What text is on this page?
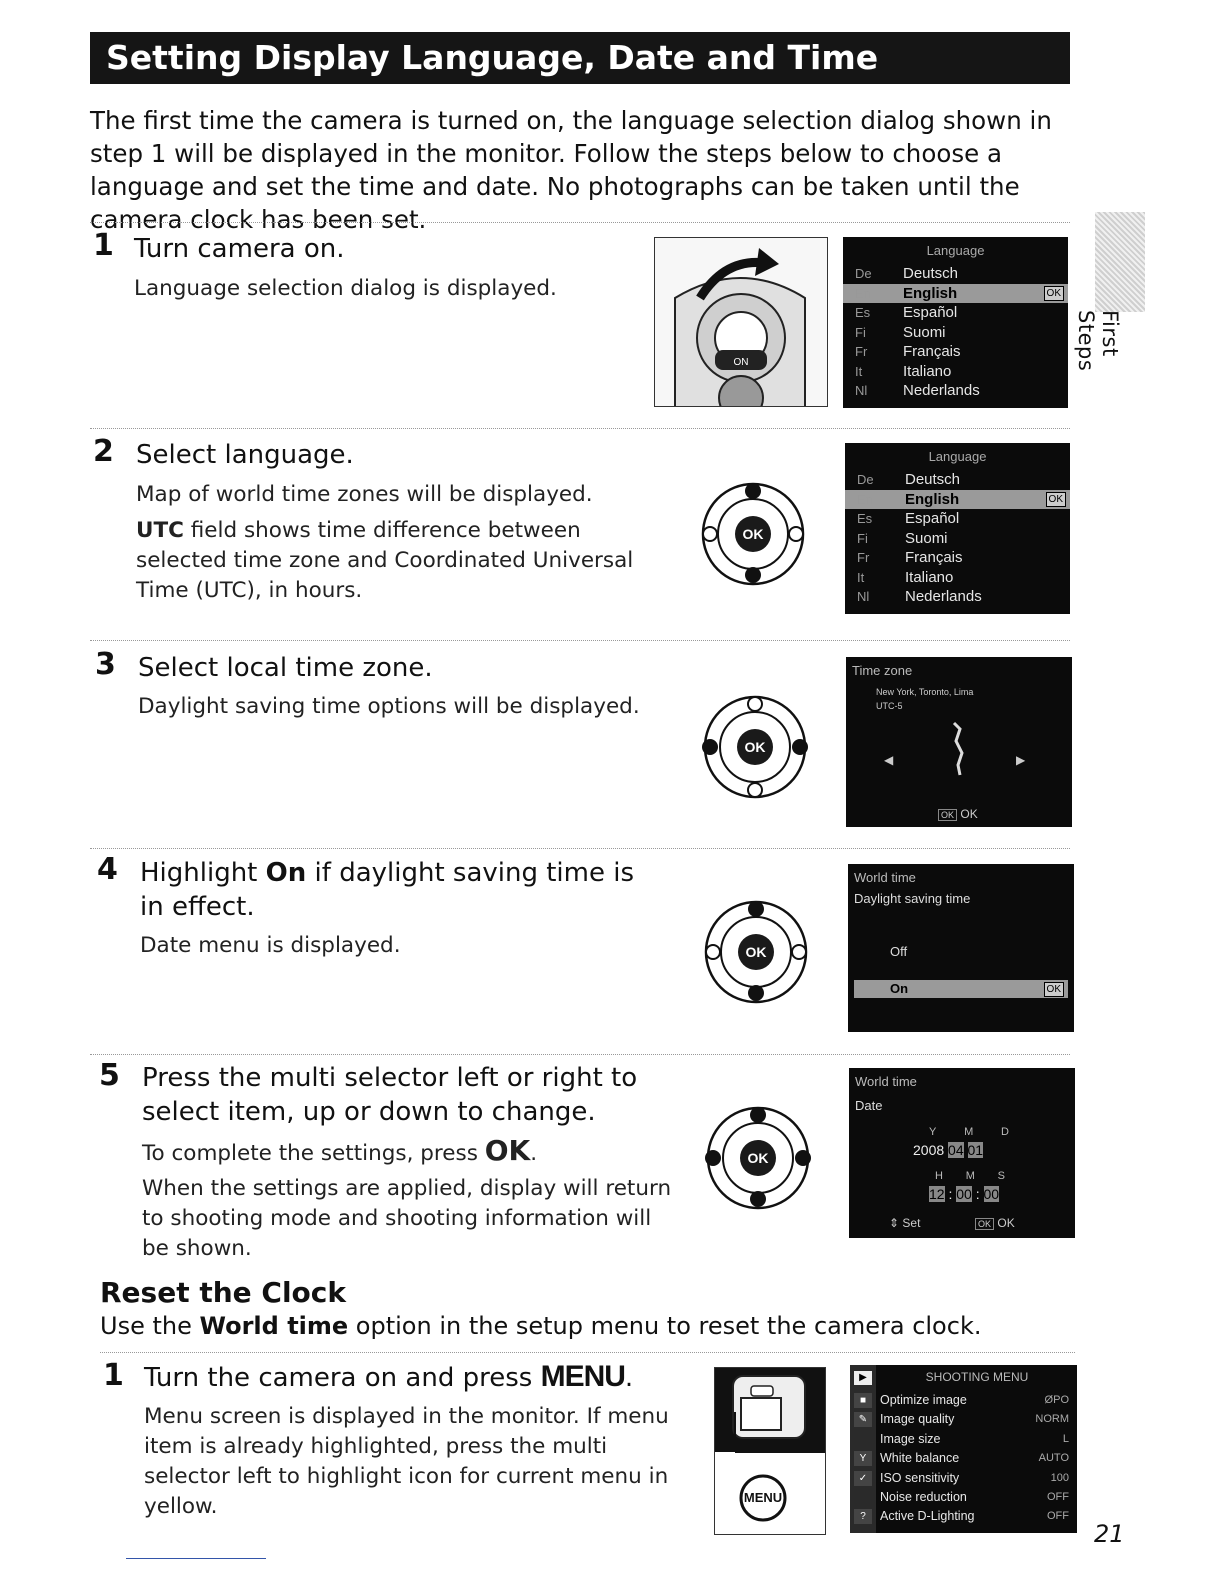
Setting Display Language, Date and Time
The first time the camera is turned on, the language selection dialog shown in step 1 will be displayed in the monitor. Follow the steps below to choose a language and set the time and date. No photographs can be taken until the camera clock has been set.
First Steps
1 Turn camera on.
Language selection dialog is displayed.
ON
Language
De Deutsch
En English	OK
Es Español
Fi Suomi
Fr Français
It	Italiano
Nl Nederlands
2 Select language.
Map of world time zones will be displayed.
UTC field shows time difference between selected time zone and Coordinated Universal Time (UTC), in hours.
OK
Language
De Deutsch
En English	OK
Es Español
Fi Suomi
Fr Français
It	Italiano
Nl Nederlands
3 Select local time zone.
Daylight saving time options will be displayed.
OK
Time zone
New York, Toronto, Lima
UTC-5
◀	▶
OK OK
4 Highlight On if daylight saving time is in effect.
Date menu is displayed.	OK
World time
Daylight saving time
Off
On	OK
5 Press the multi selector left or right to select item, up or down to change.
To complete the settings, press OK.
When the settings are applied, display will return to shooting mode and shooting information will be shown.
OK
World time
Date
Y	M	D
2008 04 01
H M S
12 : 00 : 00
⇕ Set	OK OK
Reset the Clock
Use the World time option in the setup menu to reset the camera clock.
1 Turn the camera on and press MENU.
Menu screen is displayed in the monitor. If menu item is already highlighted, press the multi selector left to highlight icon for current menu in yellow.	MENU
▶	SHOOTING MENU
■	Optimize image	ØPO
✎	Image quality	NORM
Image size	L
Y	White balance	AUTO
✓	ISO sensitivity	100
Noise reduction	OFF
?	Active D-Lighting	OFF
21
